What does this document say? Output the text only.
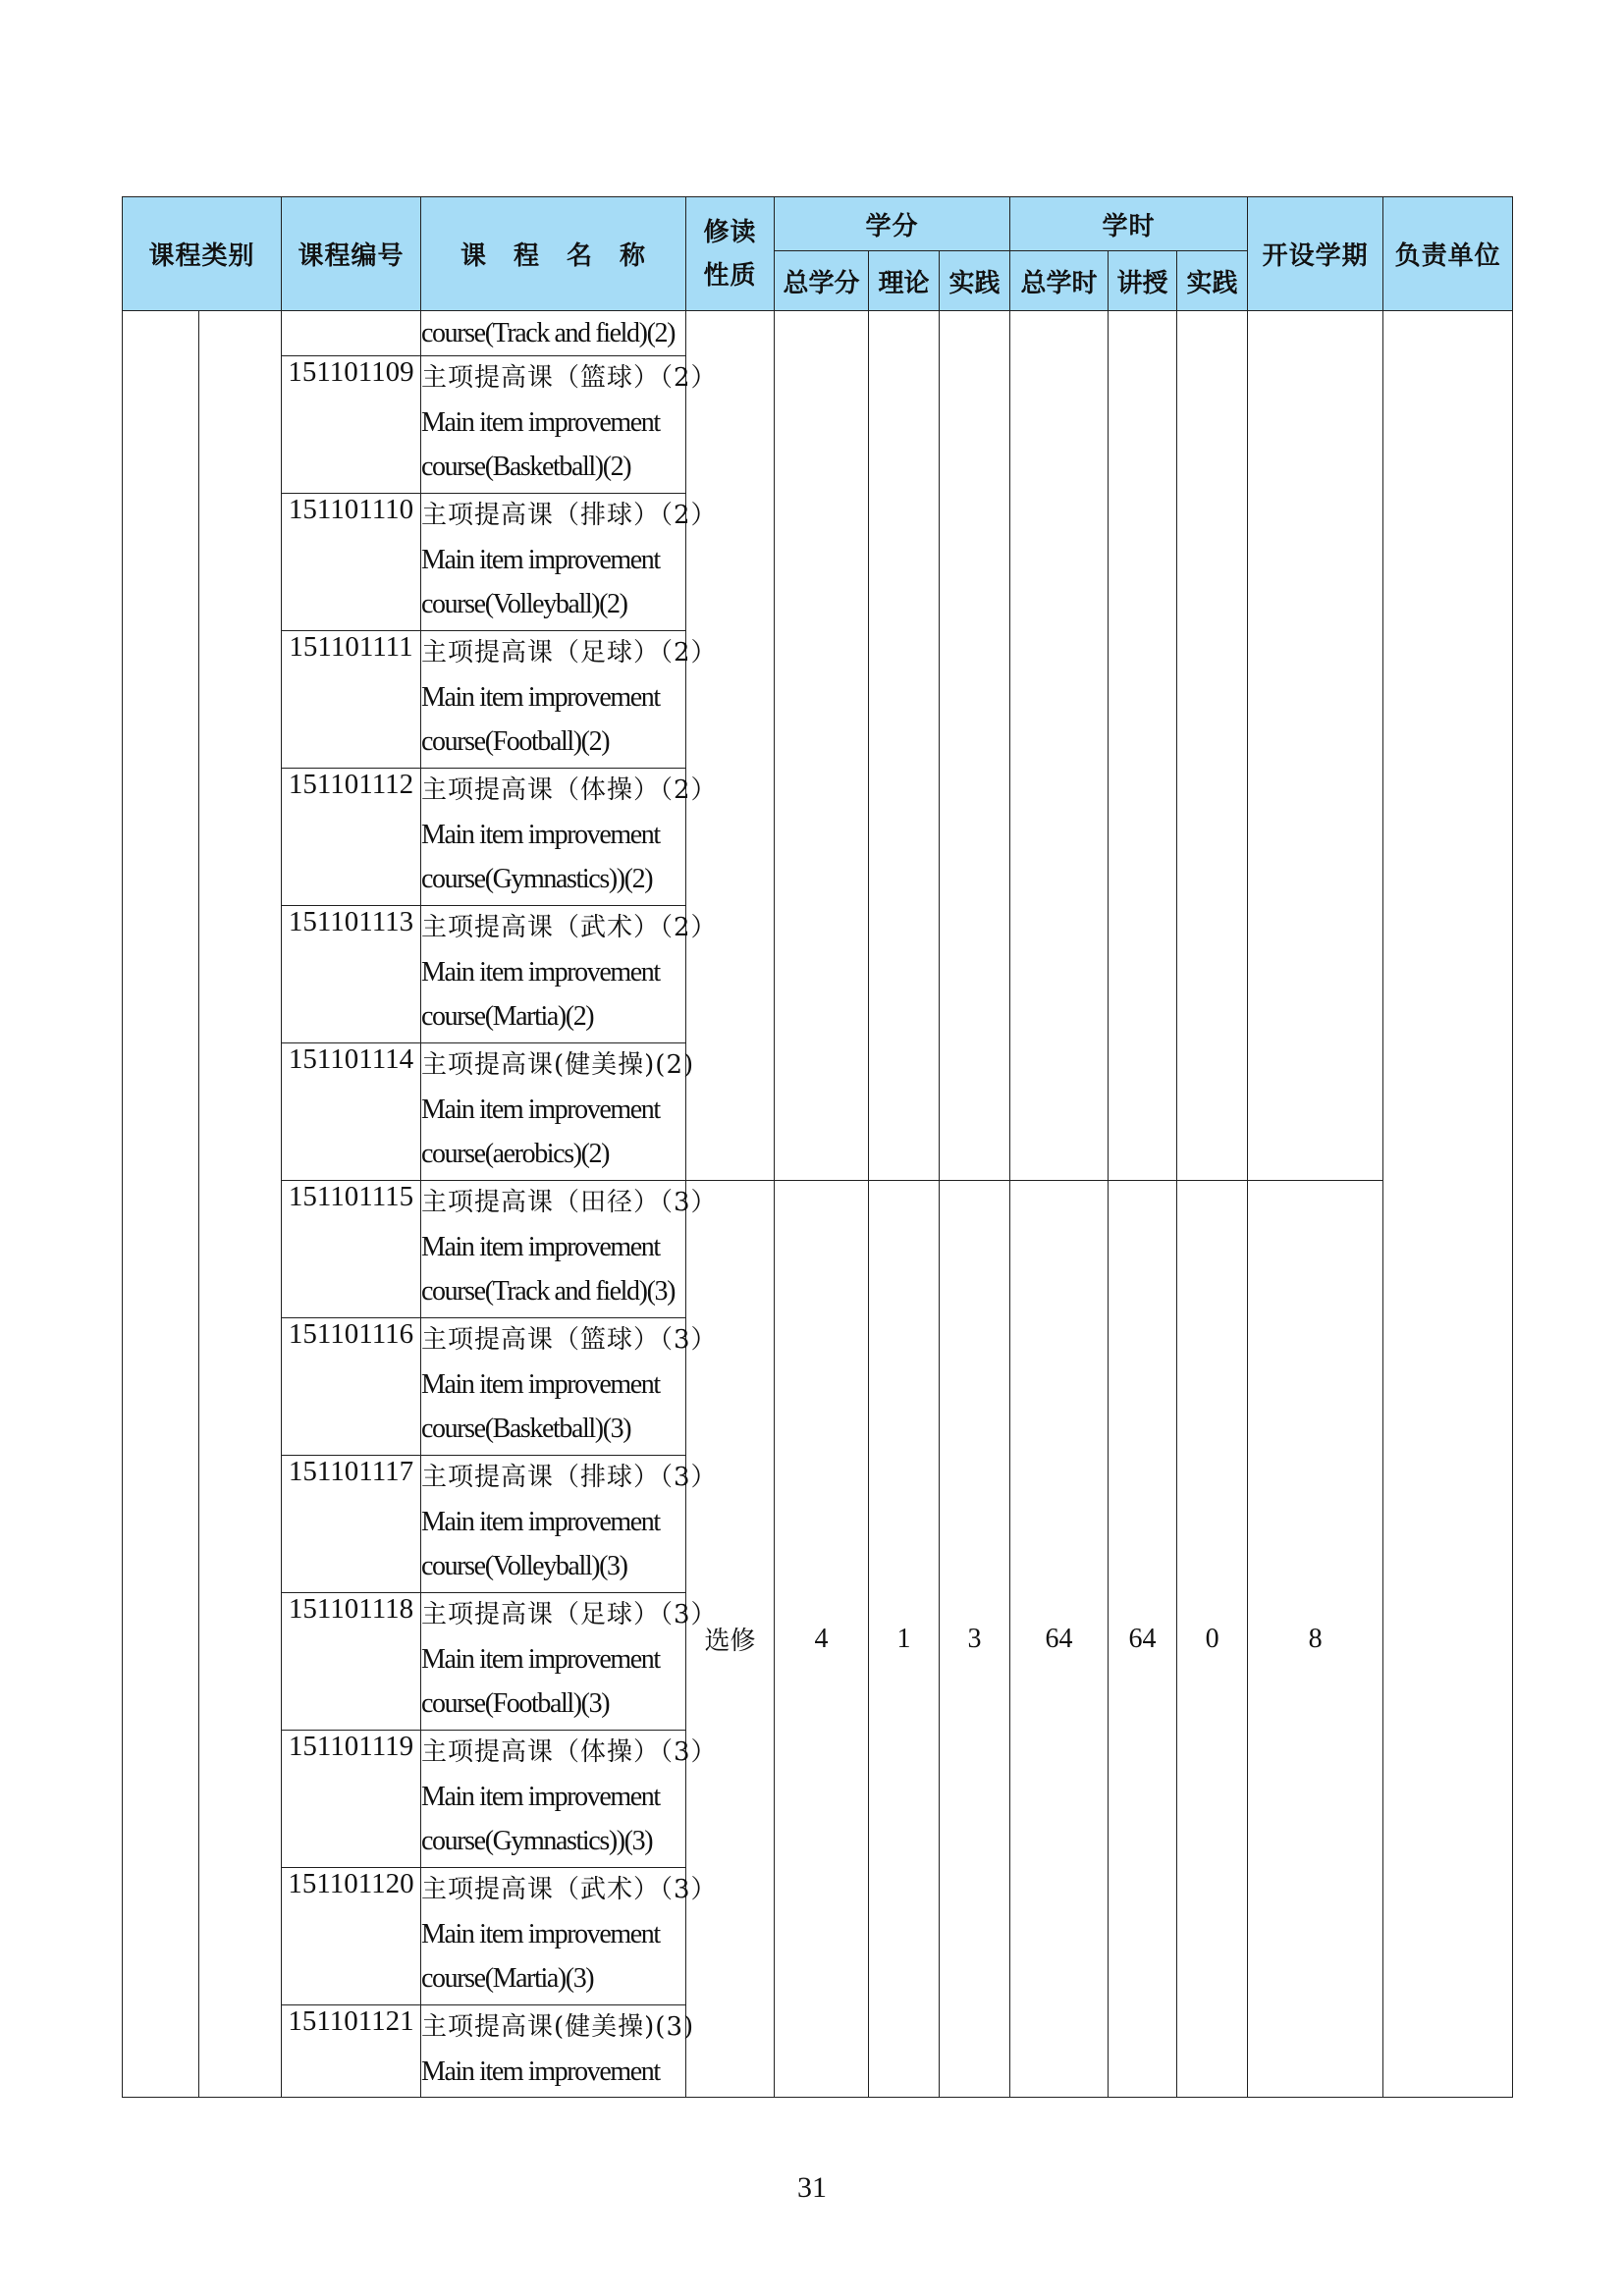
课程类别		课程编号	课　程　名　称	修读性质	学分			学时			开设学期	负责单位
					总学分	理论	实践	总学时	讲授	实践		

			course(Track and field)(2)									

		151101109	主项提高课（篮球）（2）
Main item improvement
course(Basketball)(2)									

		151101110	主项提高课（排球）（2）
Main item improvement
course(Volleyball)(2)									

		151101111	主项提高课（足球）（2）
Main item improvement
course(Football)(2)									

		151101112	主项提高课（体操）（2）
Main item improvement
course(Gymnastics))(2)									

		151101113	主项提高课（武术）（2）
Main item improvement
course(Martia)(2)									

		151101114	主项提高课(健美操)(2)
Main item improvement
course(aerobics)(2)									

		151101115	主项提高课（田径）（3）
Main item improvement
course(Track and field)(3)	选修	4	1	3	64	64	0	8	
		151101116	主项提高课（篮球）（3）
Main item improvement
course(Basketball)(3)									

		151101117	主项提高课（排球）（3）
Main item improvement
course(Volleyball)(3)									

		151101118	主项提高课（足球）（3）
Main item improvement
course(Football)(3)									

		151101119	主项提高课（体操）（3）
Main item improvement
course(Gymnastics))(3)									

		151101120	主项提高课（武术）（3）
Main item improvement
course(Martia)(3)									

		151101121	主项提高课(健美操)(3)
Main item improvement									
31
